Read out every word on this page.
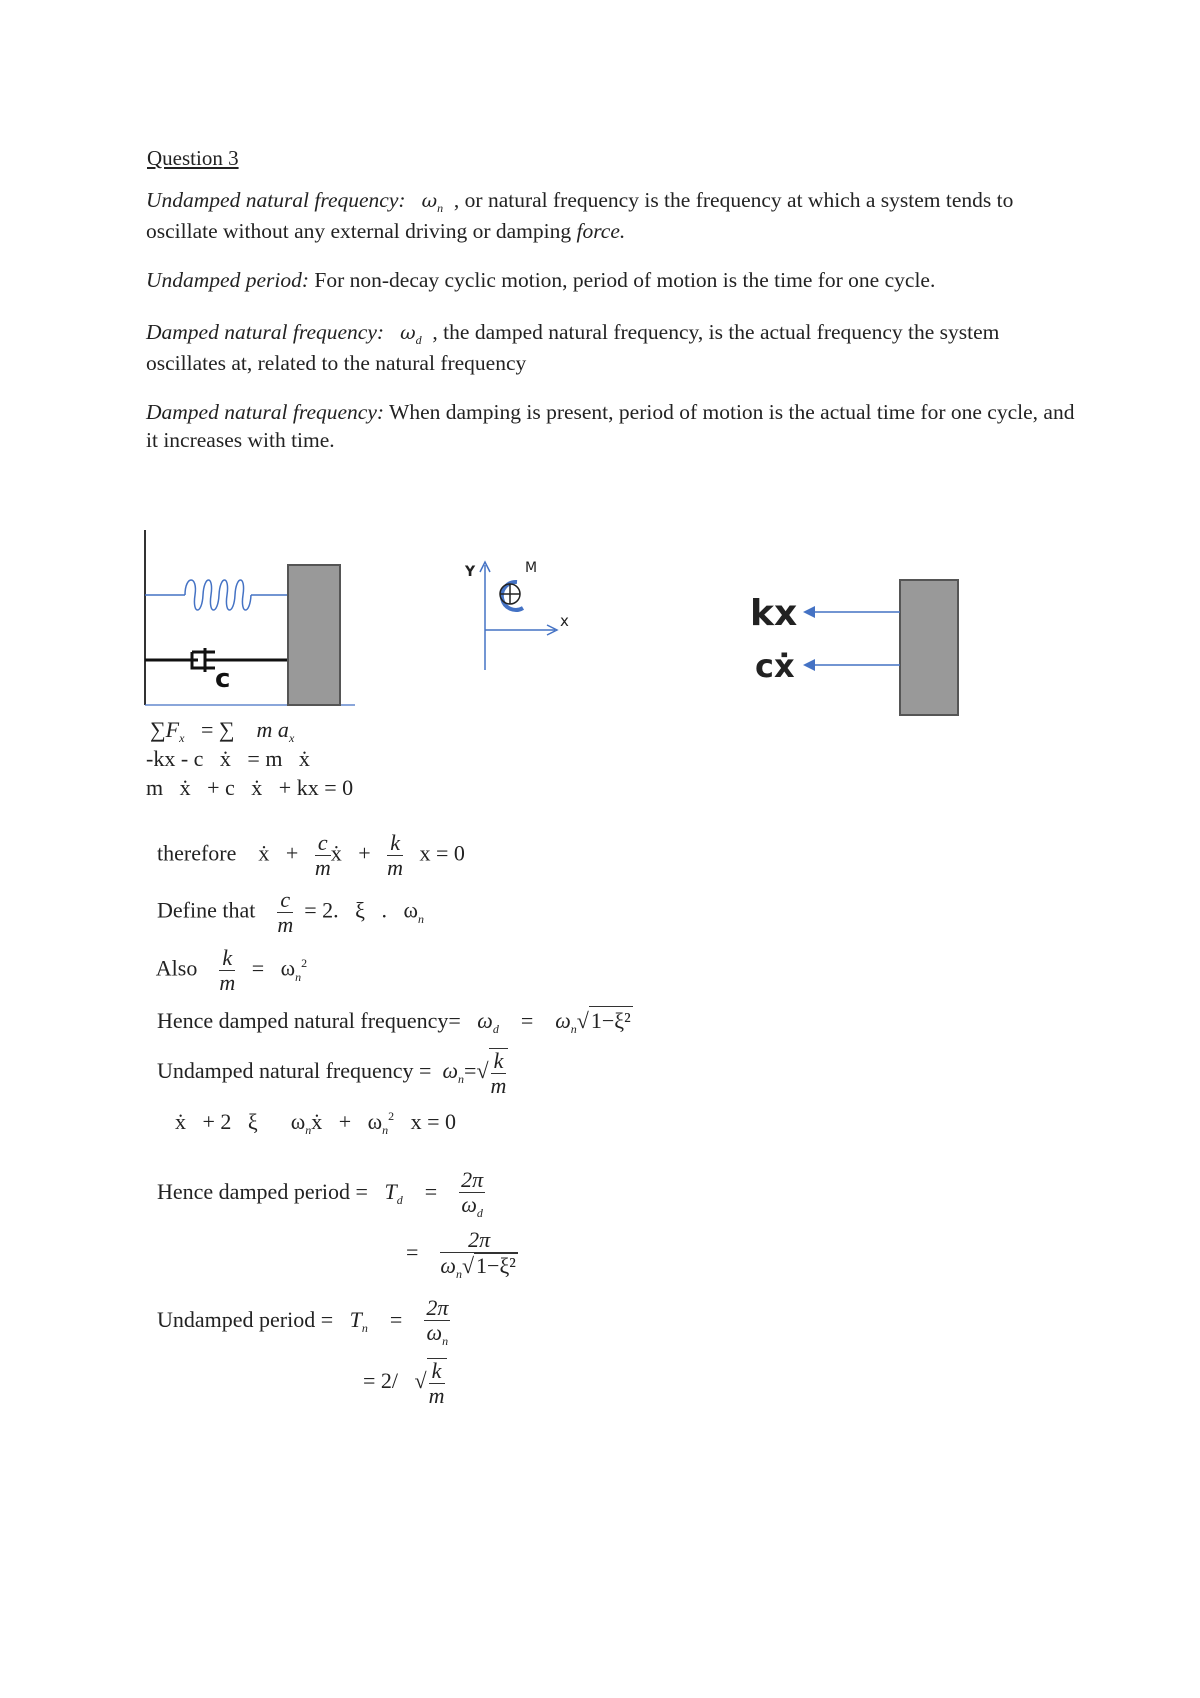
Question 3
Undamped natural frequency: $\omega_n$ , or natural frequency is the frequency at which a system tends to oscillate without any external driving or damping force.
Undamped period: For non-decay cyclic motion, period of motion is the time for one cycle.
Damped natural frequency: $\omega_d$ , the damped natural frequency, is the actual frequency the system oscillates at, related to the natural frequency
Damped natural frequency: When damping is present, period of motion is the actual time for one cycle, and it increases with time.
c
Y	M
x	kx
cẋ
$\sum F_x$ = ∑ m $a_x$
-kx - c   ẋ   = m   ẋ
m   ẋ   + c   ẋ   + kx = 0

therefore ẋ   + $\frac{c}{m}$ ẋ   + $\frac{k}{m}$ x = 0

Define that $\frac{c}{m} = 2$.   ξ   .   $\omega_n$

Also $\frac{k}{m} = \omega_n^2$

Hence damped natural frequency= $\omega_d = \omega_n√1-\xi^2$

Undamped natural frequency = $\omega_n=√ \frac{k}{m}$

ẋ   + 2   ξ      $\omega_nẋ + \omega_n^2$ x = 0

Hence damped period = $T_d = \frac{2\pi}{\omega_d}$

= $\frac{2\pi}{\omega_n√1-\xi^2}$

Undamped period = $T_n = \frac{2\pi}{\omega_n}$

= 2/   √ $\frac{k}{m}$
